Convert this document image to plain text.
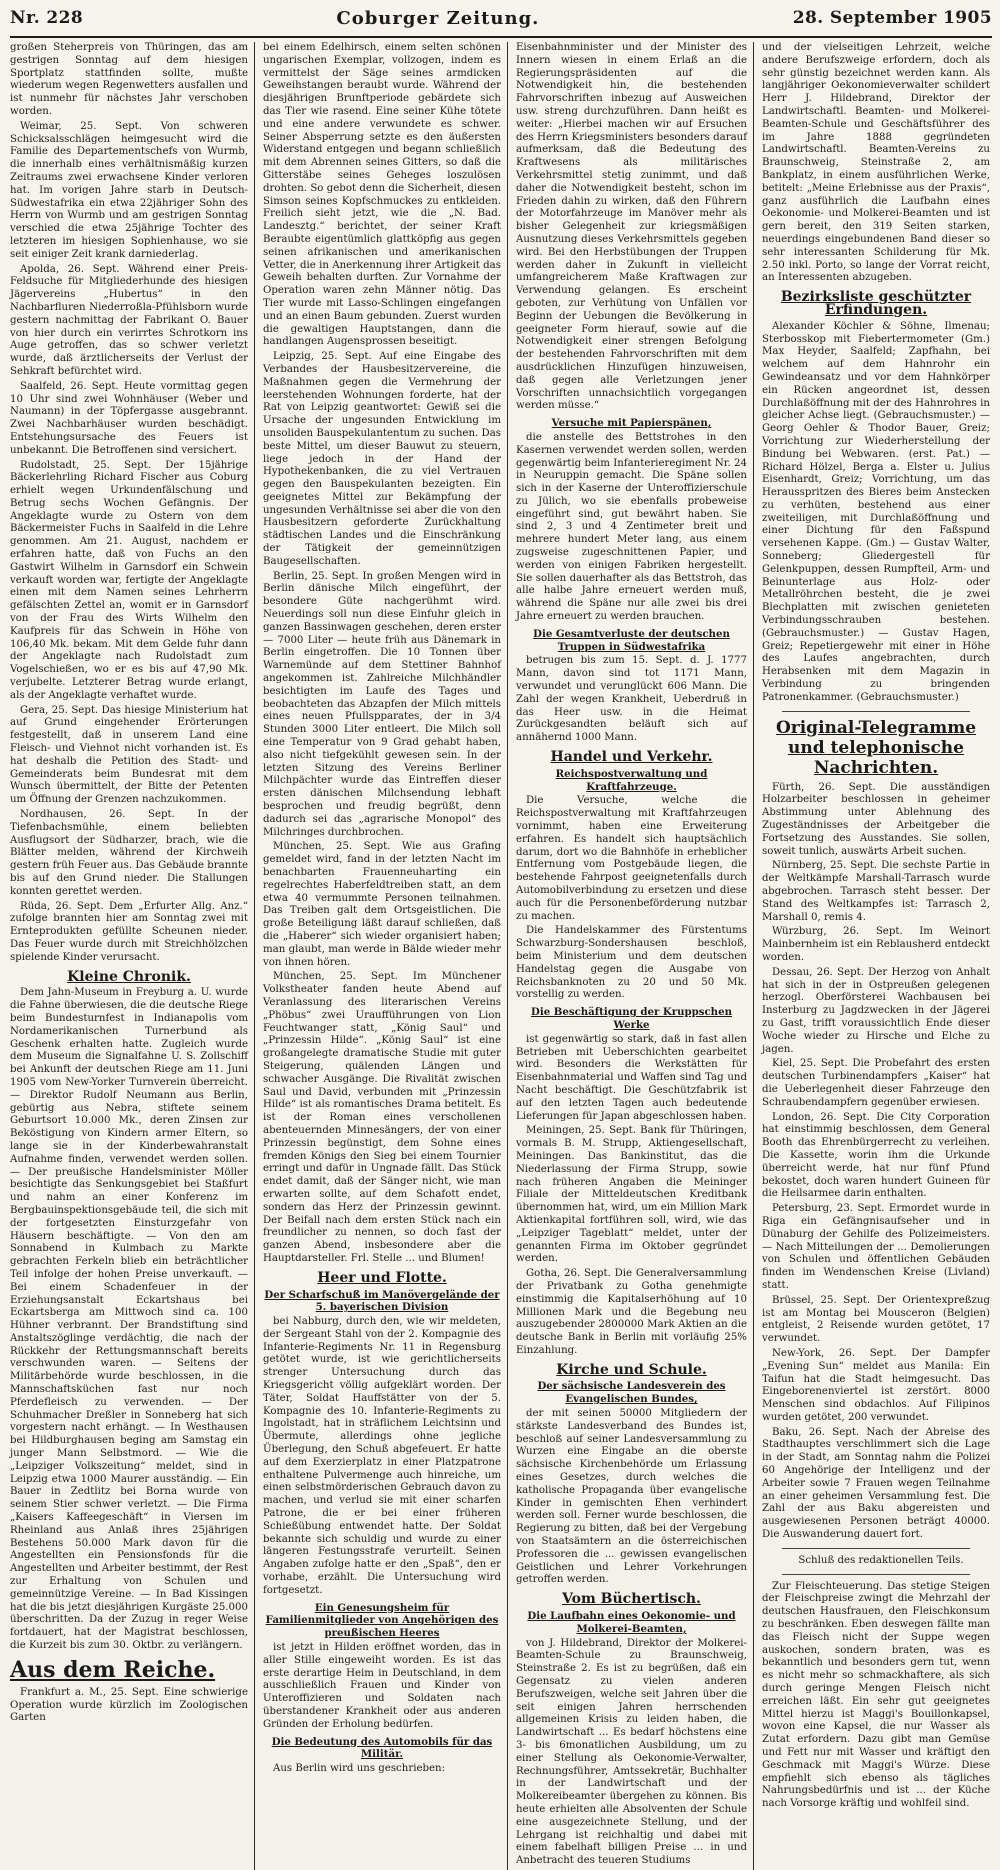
Nr. 228	Coburger Zeitung.	28. September 1905

großen Steherpreis von Thüringen, das am gestrigen Sonntag auf dem hiesigen Sportplatz stattfinden sollte, mußte wiederum wegen Regenwetters ausfallen und ist nunmehr für nächstes Jahr verschoben worden.

Weimar, 25. Sept. Von schweren Schicksalsschlägen heimgesucht wird die Familie des Departementschefs von Wurmb, die innerhalb eines verhältnismäßig kurzen Zeitraums zwei erwachsene Kinder verloren hat. Im vorigen Jahre starb in Deutsch-Südwestafrika ein etwa 22jähriger Sohn des Herrn von Wurmb und am gestrigen Sonntag verschied die etwa 25jährige Tochter des letzteren im hiesigen Sophienhause, wo sie seit einiger Zeit krank darniederlag.

Apolda, 26. Sept. Während einer Preis-Feldsuche für Mitgliederhunde des hiesigen Jägervereins „Hubertus“ in den Nachbarfluren Niederroßla-Pfühlsborn wurde gestern nachmittag der Fabrikant O. Bauer von hier durch ein verirrtes Schrotkorn ins Auge getroffen, das so schwer verletzt wurde, daß ärztlicherseits der Verlust der Sehkraft befürchtet wird.

Saalfeld, 26. Sept. Heute vormittag gegen 10 Uhr sind zwei Wohnhäuser (Weber und Naumann) in der Töpfergasse ausgebrannt. Zwei Nachbarhäuser wurden beschädigt. Entstehungsursache des Feuers ist unbekannt. Die Betroffenen sind versichert.

Rudolstadt, 25. Sept. Der 15jährige Bäckerlehrling Richard Fischer aus Coburg erhielt wegen Urkundenfälschung und Betrug sechs Wochen Gefängnis. Der Angeklagte wurde zu Ostern von dem Bäckermeister Fuchs in Saalfeld in die Lehre genommen. Am 21. August, nachdem er erfahren hatte, daß von Fuchs an den Gastwirt Wilhelm in Garnsdorf ein Schwein verkauft worden war, fertigte der Angeklagte einen mit dem Namen seines Lehrherrn gefälschten Zettel an, womit er in Garnsdorf von der Frau des Wirts Wilhelm den Kaufpreis für das Schwein in Höhe von 106,40 Mk. bekam. Mit dem Gelde fuhr dann der Angeklagte nach Rudolstadt zum Vogelschießen, wo er es bis auf 47,90 Mk. verjubelte. Letzterer Betrag wurde erlangt, als der Angeklagte verhaftet wurde.

Gera, 25. Sept. Das hiesige Ministerium hat auf Grund eingehender Erörterungen festgestellt, daß in unserem Land eine Fleisch- und Viehnot nicht vorhanden ist. Es hat deshalb die Petition des Stadt- und Gemeinderats beim Bundesrat mit dem Wunsch übermittelt, der Bitte der Petenten um Öffnung der Grenzen nachzukommen.

Nordhausen, 26. Sept. In der Tiefenbachsmühle, einem beliebten Ausflugsort der Südharzer, brach, wie die Blätter melden, während der Kirchweih gestern früh Feuer aus. Das Gebäude brannte bis auf den Grund nieder. Die Stallungen konnten gerettet werden.

Rüda, 26. Sept. Dem „Erfurter Allg. Anz.“ zufolge brannten hier am Sonntag zwei mit Ernteprodukten gefüllte Scheunen nieder. Das Feuer wurde durch mit Streichhölzchen spielende Kinder verursacht.

Kleine Chronik.

Dem Jahn-Museum in Freyburg a. U. wurde die Fahne überwiesen, die die deutsche Riege beim Bundesturnfest in Indianapolis vom Nordamerikanischen Turnerbund als Geschenk erhalten hatte. Zugleich wurde dem Museum die Signalfahne U. S. Zollschiff bei Ankunft der deutschen Riege am 11. Juni 1905 vom New-Yorker Turnverein überreicht. — Direktor Rudolf Neumann aus Berlin, gebürtig aus Nebra, stiftete seinem Geburtsort 10.000 Mk., deren Zinsen zur Beköstigung von Kindern armer Eltern, so lange sie in der Kinderbewahranstalt Aufnahme finden, verwendet werden sollen. — Der preußische Handelsminister Möller besichtigte das Senkungsgebiet bei Staßfurt und nahm an einer Konferenz im Bergbauinspektionsgebäude teil, die sich mit der fortgesetzten Einsturzgefahr von Häusern beschäftigte. — Von den am Sonnabend in Kulmbach zu Markte gebrachten Ferkeln blieb ein beträchtlicher Teil infolge der hohen Preise unverkauft. — Bei einem Schadenfeuer in der Erziehungsanstalt Eckartshaus bei Eckartsberga am Mittwoch sind ca. 100 Hühner verbrannt. Der Brandstiftung sind Anstaltszöglinge verdächtig, die nach der Rückkehr der Rettungsmannschaft bereits verschwunden waren. — Seitens der Militärbehörde wurde beschlossen, in die Mannschaftsküchen fast nur noch Pferdefleisch zu verwenden. — Der Schuhmacher Dreßler in Sonneberg hat sich vorgestern nacht erhängt. — In Westhausen bei Hildburghausen beging am Samstag ein junger Mann Selbstmord. — Wie die „Leipziger Volkszeitung“ meldet, sind in Leipzig etwa 1000 Maurer ausständig. — Ein Bauer in Zedtlitz bei Borna wurde von seinem Stier schwer verletzt. — Die Firma „Kaisers Kaffeegeschäft“ in Viersen im Rheinland aus Anlaß ihres 25jährigen Bestehens 50.000 Mark davon für die Angestellten ein Pensionsfonds für die Angestellten und Arbeiter bestimmt, der Rest zur Erhaltung von Schulen und gemeinnützige Vereine. — In Bad Kissingen hat die bis jetzt diesjährigen Kurgäste 25.000 überschritten. Da der Zuzug in reger Weise fortdauert, hat der Magistrat beschlossen, die Kurzeit bis zum 30. Oktbr. zu verlängern.

Aus dem Reiche.

Frankfurt a. M., 25. Sept. Eine schwierige Operation wurde kürzlich im Zoologischen Garten

bei einem Edelhirsch, einem selten schönen ungarischen Exemplar, vollzogen, indem es vermittelst der Säge seines armdicken Geweihstangen beraubt wurde. Während der diesjährigen Brunftperiode gebärdete sich das Tier wie rasend. Eine seiner Kühe tötete und eine andere verwundete es schwer. Seiner Absperrung setzte es den äußersten Widerstand entgegen und begann schließlich mit dem Abrennen seines Gitters, so daß die Gitterstäbe seines Geheges loszulösen drohten. So gebot denn die Sicherheit, diesen Simson seines Kopfschmuckes zu entkleiden. Freilich sieht jetzt, wie die „N. Bad. Landesztg.“ berichtet, der seiner Kraft Beraubte eigentümlich glattköpfig aus gegen seinen afrikanischen und amerikanischen Vetter, die in Anerkennung ihrer Artigkeit das Geweih behalten durften. Zur Vornahme der Operation waren zehn Männer nötig. Das Tier wurde mit Lasso-Schlingen eingefangen und an einen Baum gebunden. Zuerst wurden die gewaltigen Hauptstangen, dann die handlangen Augensprossen beseitigt.

Leipzig, 25. Sept. Auf eine Eingabe des Verbandes der Hausbesitzervereine, die Maßnahmen gegen die Vermehrung der leerstehenden Wohnungen forderte, hat der Rat von Leipzig geantwortet: Gewiß sei die Ursache der ungesunden Entwicklung im unsoliden Bauspekulantentum zu suchen. Das beste Mittel, um dieser Bauwut zu steuern, liege jedoch in der Hand der Hypothekenbanken, die zu viel Vertrauen gegen den Bauspekulanten bezeigten. Ein geeignetes Mittel zur Bekämpfung der ungesunden Verhältnisse sei aber die von den Hausbesitzern geforderte Zurückhaltung städtischen Landes und die Einschränkung der Tätigkeit der gemeinnützigen Baugesellschaften.

Berlin, 25. Sept. In großen Mengen wird in Berlin dänische Milch eingeführt, der besondere Güte nachgerühmt wird. Neuerdings soll nun diese Einfuhr gleich in ganzen Bassinwagen geschehen, deren erster — 7000 Liter — heute früh aus Dänemark in Berlin eingetroffen. Die 10 Tonnen über Warnemünde auf dem Stettiner Bahnhof angekommen ist. Zahlreiche Milchhändler besichtigten im Laufe des Tages und beobachteten das Abzapfen der Milch mittels eines neuen Pfullspparates, der in 3/4 Stunden 3000 Liter entleert. Die Milch soll eine Temperatur von 9 Grad gehabt haben, also nicht tiefgekühlt gewesen sein. In der letzten Sitzung des Vereins Berliner Milchpächter wurde das Eintreffen dieser ersten dänischen Milchsendung lebhaft besprochen und freudig begrüßt, denn dadurch sei das „agrarische Monopol“ des Milchringes durchbrochen.

München, 25. Sept. Wie aus Grafing gemeldet wird, fand in der letzten Nacht im benachbarten Frauenneuharting ein regelrechtes Haberfeldtreiben statt, an dem etwa 40 vermummte Personen teilnahmen. Das Treiben galt dem Ortsgeistlichen. Die große Beteiligung läßt darauf schließen, daß die „Haberer“ sich wieder organisiert haben; man glaubt, man werde in Bälde wieder mehr von ihnen hören.

München, 25. Sept. Im Münchener Volkstheater fanden heute Abend auf Veranlassung des literarischen Vereins „Phöbus“ zwei Uraufführungen von Lion Feuchtwanger statt, „König Saul“ und „Prinzessin Hilde“. „König Saul“ ist eine großangelegte dramatische Studie mit guter Steigerung, quälenden Längen und schwacher Ausgänge. Die Rivalität zwischen Saul und David, verbunden mit „Prinzessin Hilde“ ist als romantisches Drama betitelt. Es ist der Roman eines verschollenen abenteuernden Minnesängers, der von einer Prinzessin begünstigt, dem Sohne eines fremden Königs den Sieg bei einem Tournier erringt und dafür in Ungnade fällt. Das Stück endet damit, daß der Sänger nicht, wie man erwarten sollte, auf dem Schafott endet, sondern das Herz der Prinzessin gewinnt. Der Beifall nach dem ersten Stück nach ein freundlicher zu nennen, so doch fast der ganzen Abend, insbesondere aber die Hauptdarsteller. Frl. Stelle ... und Blumen!

Heer und Flotte.
Der Scharfschuß im Manövergelände der 5. bayerischen Division

bei Nabburg, durch den, wie wir meldeten, der Sergeant Stahl von der 2. Kompagnie des Infanterie-Regiments Nr. 11 in Regensburg getötet wurde, ist wie gerichtlicherseits strenger Untersuchung durch das Kriegsgericht völlig aufgeklärt worden. Der Täter, Soldat Hauffstätter von der 5. Kompagnie des 10. Infanterie-Regiments zu Ingolstadt, hat in sträflichem Leichtsinn und Übermute, allerdings ohne jegliche Überlegung, den Schuß abgefeuert. Er hatte auf dem Exerzierplatz in einer Platzpatrone enthaltene Pulvermenge auch hinreiche, um einen selbstmörderischen Gebrauch davon zu machen, und verlud sie mit einer scharfen Patrone, die er bei einer früheren Schießübung entwendet hatte. Der Soldat bekannte sich schuldig und wurde zu einer längeren Festungsstrafe verurteilt. Seinen Angaben zufolge hatte er den „Spaß“, den er vorhabe, erzählt. Die Untersuchung wird fortgesetzt.

Ein Genesungsheim für Familienmitglieder von Angehörigen des preußischen Heeres

ist jetzt in Hilden eröffnet worden, das in aller Stille eingeweiht worden. Es ist das erste derartige Heim in Deutschland, in dem ausschließlich Frauen und Kinder von Unteroffizieren und Soldaten nach überstandener Krankheit oder aus anderen Gründen der Erholung bedürfen.

Die Bedeutung des Automobils für das Militär.

Aus Berlin wird uns geschrieben:

Eisenbahnminister und der Minister des Innern wiesen in einem Erlaß an die Regierungspräsidenten auf die Notwendigkeit hin, die bestehenden Fahrvorschriften inbezug auf Ausweichen usw. streng durchzuführen. Dann heißt es weiter: „Hierbei machen wir auf Ersuchen des Herrn Kriegsministers besonders darauf aufmerksam, daß die Bedeutung des Kraftwesens als militärisches Verkehrsmittel stetig zunimmt, und daß daher die Notwendigkeit besteht, schon im Frieden dahin zu wirken, daß den Führern der Motorfahrzeuge im Manöver mehr als bisher Gelegenheit zur kriegsmäßigen Ausnutzung dieses Verkehrsmittels gegeben wird. Bei den Herbstübungen der Truppen werden daher in Zukunft in vielleicht umfangreicherem Maße Kraftwagen zur Verwendung gelangen. Es erscheint geboten, zur Verhütung von Unfällen vor Beginn der Uebungen die Bevölkerung in geeigneter Form hierauf, sowie auf die Notwendigkeit einer strengen Befolgung der bestehenden Fahrvorschriften mit dem ausdrücklichen Hinzufügen hinzuweisen, daß gegen alle Verletzungen jener Vorschriften unnachsichtlich vorgegangen werden müsse.“

Versuche mit Papierspänen,

die anstelle des Bettstrohes in den Kasernen verwendet werden sollen, werden gegenwärtig beim Infanterieregiment Nr. 24 in Neuruppin gemacht. Die Späne sollen sich in der Kaserne der Unteroffizierschule zu Jülich, wo sie ebenfalls probeweise eingeführt sind, gut bewährt haben. Sie sind 2, 3 und 4 Zentimeter breit und mehrere hundert Meter lang, aus einem zugsweise zugeschnittenen Papier, und werden von einigen Fabriken hergestellt. Sie sollen dauerhafter als das Bettstroh, das alle halbe Jahre erneuert werden muß, während die Späne nur alle zwei bis drei Jahre erneuert zu werden brauchen.

Die Gesamtverluste der deutschen Truppen in Südwestafrika

betrugen bis zum 15. Sept. d. J. 1777 Mann, davon sind tot 1171 Mann, verwundet und verunglückt 606 Mann. Die Zahl der wegen Krankheit, Ueberdruß in das Heer usw. in die Heimat Zurückgesandten beläuft sich auf annähernd 1000 Mann.

Handel und Verkehr.
Reichspostverwaltung und Kraftfahrzeuge.

Die Versuche, welche die Reichspostverwaltung mit Kraftfahrzeugen vornimmt, haben eine Erweiterung erfahren. Es handelt sich hauptsächlich darum, dort wo die Bahnhöfe in erheblicher Entfernung vom Postgebäude liegen, die bestehende Fahrpost geeignetenfalls durch Automobilverbindung zu ersetzen und diese auch für die Personenbeförderung nutzbar zu machen.

Die Handelskammer des Fürstentums Schwarzburg-Sondershausen beschloß, beim Ministerium und dem deutschen Handelstag gegen die Ausgabe von Reichsbanknoten zu 20 und 50 Mk. vorstellig zu werden.

Die Beschäftigung der Kruppschen Werke

ist gegenwärtig so stark, daß in fast allen Betrieben mit Ueberschichten gearbeitet wird. Besonders die Werkstätten für Eisenbahnmaterial und Waffen sind Tag und Nacht beschäftigt. Die Geschützfabrik ist auf den letzten Tagen auch bedeutende Lieferungen für Japan abgeschlossen haben.

Meiningen, 25. Sept. Bank für Thüringen, vormals B. M. Strupp, Aktiengesellschaft, Meiningen. Das Bankinstitut, das die Niederlassung der Firma Strupp, sowie nach früheren Angaben die Meininger Filiale der Mitteldeutschen Kreditbank übernommen hat, wird, um ein Million Mark Aktienkapital fortführen soll, wird, wie das „Leipziger Tageblatt“ meldet, unter der genannten Firma im Oktober gegründet werden.

Gotha, 26. Sept. Die Generalversammlung der Privatbank zu Gotha genehmigte einstimmig die Kapitalserhöhung auf 10 Millionen Mark und die Begebung neu auszugebender 2800000 Mark Aktien an die deutsche Bank in Berlin mit vorläufig 25% Einzahlung.

Kirche und Schule.
Der sächsische Landesverein des Evangelischen Bundes,

der mit seinen 50000 Mitgliedern der stärkste Landesverband des Bundes ist, beschloß auf seiner Landesversammlung zu Wurzen eine Eingabe an die oberste sächsische Kirchenbehörde um Erlassung eines Gesetzes, durch welches die katholische Propaganda über evangelische Kinder in gemischten Ehen verhindert werden soll. Ferner wurde beschlossen, die Regierung zu bitten, daß bei der Vergebung von Staatsämtern an die österreichischen Professoren die ... gewissen evangelischen Geistlichen und Lehrer Vorkehrungen getroffen werden.

Vom Büchertisch.
Die Laufbahn eines Oekonomie- und Molkerei-Beamten,

von J. Hildebrand, Direktor der Molkerei-Beamten-Schule zu Braunschweig, Steinstraße 2. Es ist zu begrüßen, daß ein Gegensatz zu vielen anderen Berufszweigen, welche seit Jahren über die seit einigen Jahren herrschenden allgemeinen Krisis zu leiden haben, die Landwirtschaft ... Es bedarf höchstens eine 3- bis 6monatlichen Ausbildung, um zu einer Stellung als Oekonomie-Verwalter, Rechnungsführer, Amtssekretär, Buchhalter in der Landwirtschaft und der Molkereibeamter übergehen zu können. Bis heute erhielten alle Absolventen der Schule eine ausgezeichnete Stellung, und der Lehrgang ist reichhaltig und dabei mit einem fabelhaft billigen Preise ... in und Anbetracht des teueren Studiums

und der vielseitigen Lehrzeit, welche andere Berufszweige erfordern, doch als sehr günstig bezeichnet werden kann. Als langjähriger Oekonomieverwalter schildert Herr J. Hildebrand, Direktor der Landwirtschaftl. Beamten- und Molkerei-Beamten-Schule und Geschäftsführer des im Jahre 1888 gegründeten Landwirtschaftl. Beamten-Vereins zu Braunschweig, Steinstraße 2, am Bankplatz, in einem ausführlichen Werke, betitelt: „Meine Erlebnisse aus der Praxis“, ganz ausführlich die Laufbahn eines Oekonomie- und Molkerei-Beamten und ist gern bereit, den 319 Seiten starken, neuerdings eingebundenen Band dieser so sehr interessanten Schilderung für Mk. 2.50 inkl. Porto, so lange der Vorrat reicht, an Interessenten abzugeben.

Bezirksliste geschützter Erfindungen.

Alexander Köchler & Söhne, Ilmenau; Sterbosskop mit Fiebertermometer (Gm.) Max Heyder, Saalfeld; Zapfhahn, bei welchem auf dem Hahnrohr ein Gewindeansatz und vor dem Hahnkörper ein Rücken angeordnet ist, dessen Durchlaßöffnung mit der des Hahnrohres in gleicher Achse liegt. (Gebrauchsmuster.) — Georg Oehler & Thodor Bauer, Greiz; Vorrichtung zur Wiederherstellung der Bindung bei Webwaren. (erst. Pat.) — Richard Hölzel, Berga a. Elster u. Julius Eisenhardt, Greiz; Vorrichtung, um das Herausspritzen des Bieres beim Anstecken zu verhüten, bestehend aus einer zweiteiligen, mit Durchlaßöffnung und einer Dichtung für den Faßspund versehenen Kappe. (Gm.) — Gustav Walter, Sonneberg; Gliedergestell für Gelenkpuppen, dessen Rumpfteil, Arm- und Beinunterlage aus Holz- oder Metallröhrchen besteht, die je zwei Blechplatten mit zwischen genieteten Verbindungsschrauben bestehen. (Gebrauchsmuster.) — Gustav Hagen, Greiz; Repetiergewehr mit einer in Höhe des Laufes angebrachten, durch Herabsenken mit dem Magazin in Verbindung zu bringenden Patronenkammer. (Gebrauchsmuster.)

Original-Telegramme und telephonische Nachrichten.

Fürth, 26. Sept. Die ausständigen Holzarbeiter beschlossen in geheimer Abstimmung unter Ablehnung des Zugeständnisses der Arbeitgeber die Fortsetzung des Ausstandes. Sie sollen, soweit tunlich, auswärts Arbeit suchen.

Nürnberg, 25. Sept. Die sechste Partie in der Weltkämpfe Marshall-Tarrasch wurde abgebrochen. Tarrasch steht besser. Der Stand des Weltkampfes ist: Tarrasch 2, Marshall 0, remis 4.

Würzburg, 26. Sept. Im Weinort Mainbernheim ist ein Reblausherd entdeckt worden.

Dessau, 26. Sept. Der Herzog von Anhalt hat sich in der in Ostpreußen gelegenen herzogl. Oberförsterei Wachbausen bei Insterburg zu Jagdzwecken in der Jägerei zu Gast, trifft voraussichtlich Ende dieser Woche wieder zu Hirsche und Elche zu jagen.

Kiel, 25. Sept. Die Probefahrt des ersten deutschen Turbinendampfers „Kaiser“ hat die Ueberlegenheit dieser Fahrzeuge den Schraubendampfern gegenüber erwiesen.

London, 26. Sept. Die City Corporation hat einstimmig beschlossen, dem General Booth das Ehrenbürgerrecht zu verleihen. Die Kassette, worin ihm die Urkunde überreicht werde, hat nur fünf Pfund bekostet, doch waren hundert Guineen für die Heilsarmee darin enthalten.

Petersburg, 23. Sept. Ermordet wurde in Riga ein Gefängnisaufseher und in Dünaburg der Gehilfe des Polizeimeisters. — Nach Mitteilungen der ... Demolierungen von Schulen und öffentlichen Gebäuden finden im Wendenschen Kreise (Livland) statt.

Brüssel, 25. Sept. Der Orientexpreßzug ist am Montag bei Mousceron (Belgien) entgleist, 2 Reisende wurden getötet, 17 verwundet.

New-York, 26. Sept. Der Dampfer „Evening Sun“ meldet aus Manila: Ein Taifun hat die Stadt heimgesucht. Das Eingeborenenviertel ist zerstört. 8000 Menschen sind obdachlos. Auf Filipinos wurden getötet, 200 verwundet.

Baku, 26. Sept. Nach der Abreise des Stadthauptes verschlimmert sich die Lage in der Stadt, am Sonntag nahm die Polizei 60 Angehörige der Intelligenz und der Arbeiter sowie 7 Frauen wegen Teilnahme an einer geheimen Versammlung fest. Die Zahl der aus Baku abgereisten und ausgewiesenen Personen beträgt 40000. Die Auswanderung dauert fort.

Schluß des redaktionellen Teils.

Zur Fleischteuerung. Das stetige Steigen der Fleischpreise zwingt die Mehrzahl der deutschen Hausfrauen, den Fleischkonsum zu beschränken. Eben deswegen fällte man das Fleisch nicht der Suppe wegen auskochen, sondern braten, was es bekanntlich und besonders gern tut, wenn es nicht mehr so schmackhaftere, als sich durch geringe Mengen Fleisch nicht erreichen läßt. Ein sehr gut geeignetes Mittel hierzu ist Maggi's Bouillonkapsel, wovon eine Kapsel, die nur Wasser als Zutat erfordern. Dazu gibt man Gemüse und Fett nur mit Wasser und kräftigt den Geschmack mit Maggi's Würze. Diese empfiehlt sich ebenso als tägliches Nahrungsbedürfnis und ist ... der Küche nach Vorsorge kräftig und wohlfeil sind.
